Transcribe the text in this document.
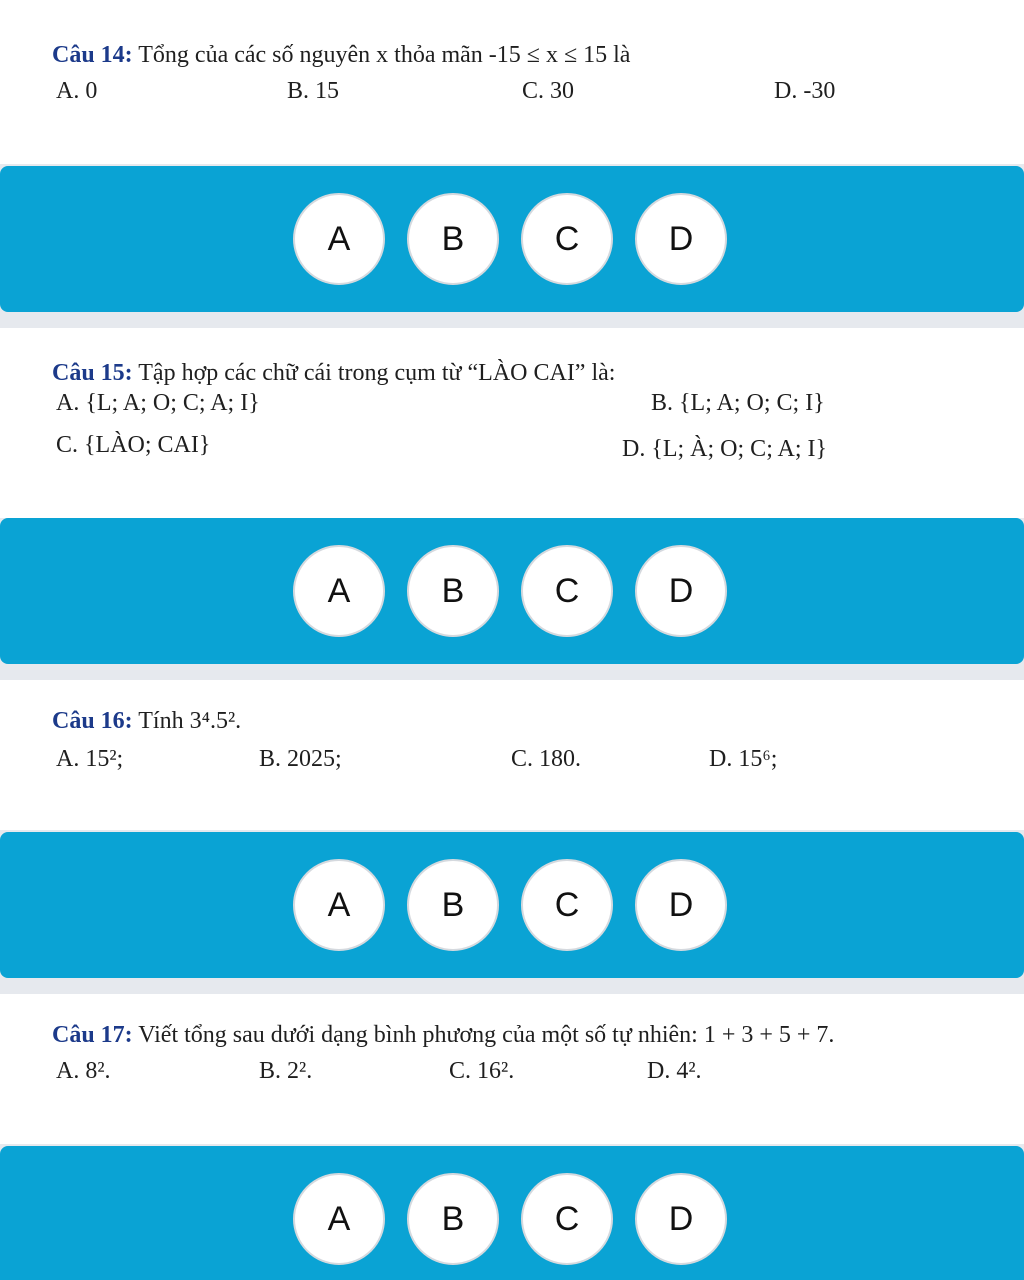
Câu 14: Tổng của các số nguyên x thỏa mãn -15 ≤ x ≤ 15 là
A. 0	B. 15	C. 30	D. -30
A	B	C	D
Câu 15: Tập hợp các chữ cái trong cụm từ “LÀO CAI” là:
A. {L; A; O; C; A; I}	B. {L; A; O; C; I}
C. {LÀO; CAI}	D. {L; À; O; C; A; I}
A	B	C	D
Câu 16: Tính 3⁴.5².
A. 15²;	B. 2025;	C. 180.	D. 15⁶;
A	B	C	D
Câu 17: Viết tổng sau dưới dạng bình phương của một số tự nhiên: 1 + 3 + 5 + 7.
A. 8².	B. 2².	C. 16².	D. 4².
A	B	C	D
